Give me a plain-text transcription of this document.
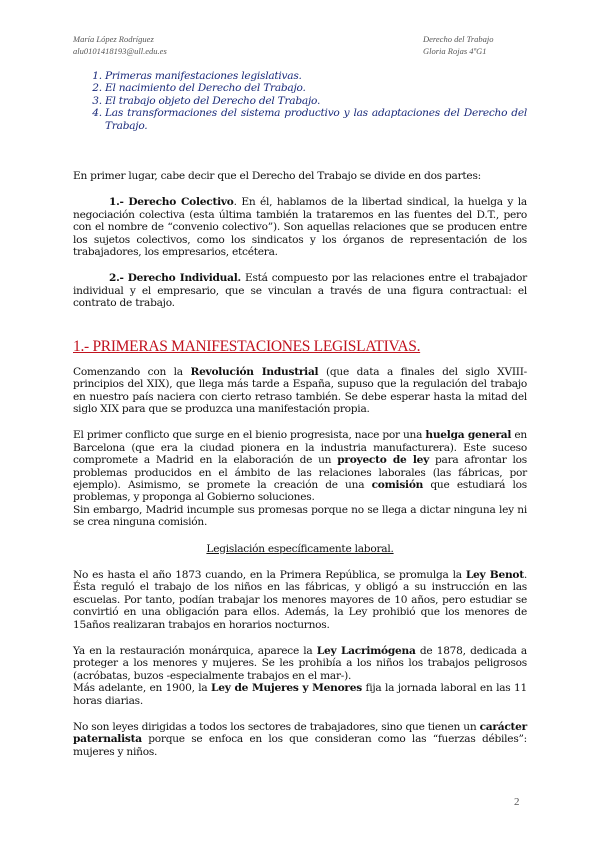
María López Rodríguez
alu0101418193@ull.edu.es
Derecho del Trabajo
Gloria Rojas 4ºG1
1. Primeras manifestaciones legislativas.
2. El nacimiento del Derecho del Trabajo.
3. El trabajo objeto del Derecho del Trabajo.
4. Las transformaciones del sistema productivo y las adaptaciones del Derecho del Trabajo.

En primer lugar, cabe decir que el Derecho del Trabajo se divide en dos partes:

1.- Derecho Colectivo. En él, hablamos de la libertad sindical, la huelga y la negociación colectiva (esta última también la trataremos en las fuentes del D.T., pero con el nombre de “convenio colectivo”). Son aquellas relaciones que se producen entre los sujetos colectivos, como los sindicatos y los órganos de representación de los trabajadores, los empresarios, etcétera.

2.- Derecho Individual. Está compuesto por las relaciones entre el trabajador individual y el empresario, que se vinculan a través de una figura contractual: el contrato de trabajo.

1.- PRIMERAS MANIFESTACIONES LEGISLATIVAS.

Comenzando con la Revolución Industrial (que data a finales del siglo XVIII-principios del XIX), que llega más tarde a España, supuso que la regulación del trabajo en nuestro país naciera con cierto retraso también. Se debe esperar hasta la mitad del siglo XIX para que se produzca una manifestación propia.

El primer conflicto que surge en el bienio progresista, nace por una huelga general en Barcelona (que era la ciudad pionera en la industria manufacturera). Este suceso compromete a Madrid en la elaboración de un proyecto de ley para afrontar los problemas producidos en el ámbito de las relaciones laborales (las fábricas, por ejemplo). Asimismo, se promete la creación de una comisión que estudiará los problemas, y propongа al Gobierno soluciones.

Sin embargo, Madrid incumple sus promesas porque no se llega a dictar ninguna ley ni se crea ninguna comisión.

Legislación específicamente laboral.

No es hasta el año 1873 cuando, en la Primera República, se promulga la Ley Benot. Ésta reguló el trabajo de los niños en las fábricas, y obligó a su instrucción en las escuelas. Por tanto, podían trabajar los menores mayores de 10 años, pero estudiar se convirtió en una obligación para ellos. Además, la Ley prohibió que los menores de 15años realizaran trabajos en horarios nocturnos.

Ya en la restauración monárquica, aparece la Ley Lacrimógena de 1878, dedicada a proteger a los menores y mujeres. Se les prohibía a los niños los trabajos peligrosos (acróbatas, buzos -especialmente trabajos en el mar-).

Más adelante, en 1900, la Ley de Mujeres y Menores fija la jornada laboral en las 11 horas diarias.

No son leyes dirigidas a todos los sectores de trabajadores, sino que tienen un carácter paternalista porque se enfoca en los que consideran como las “fuerzas débiles”: mujeres y niños.

2
